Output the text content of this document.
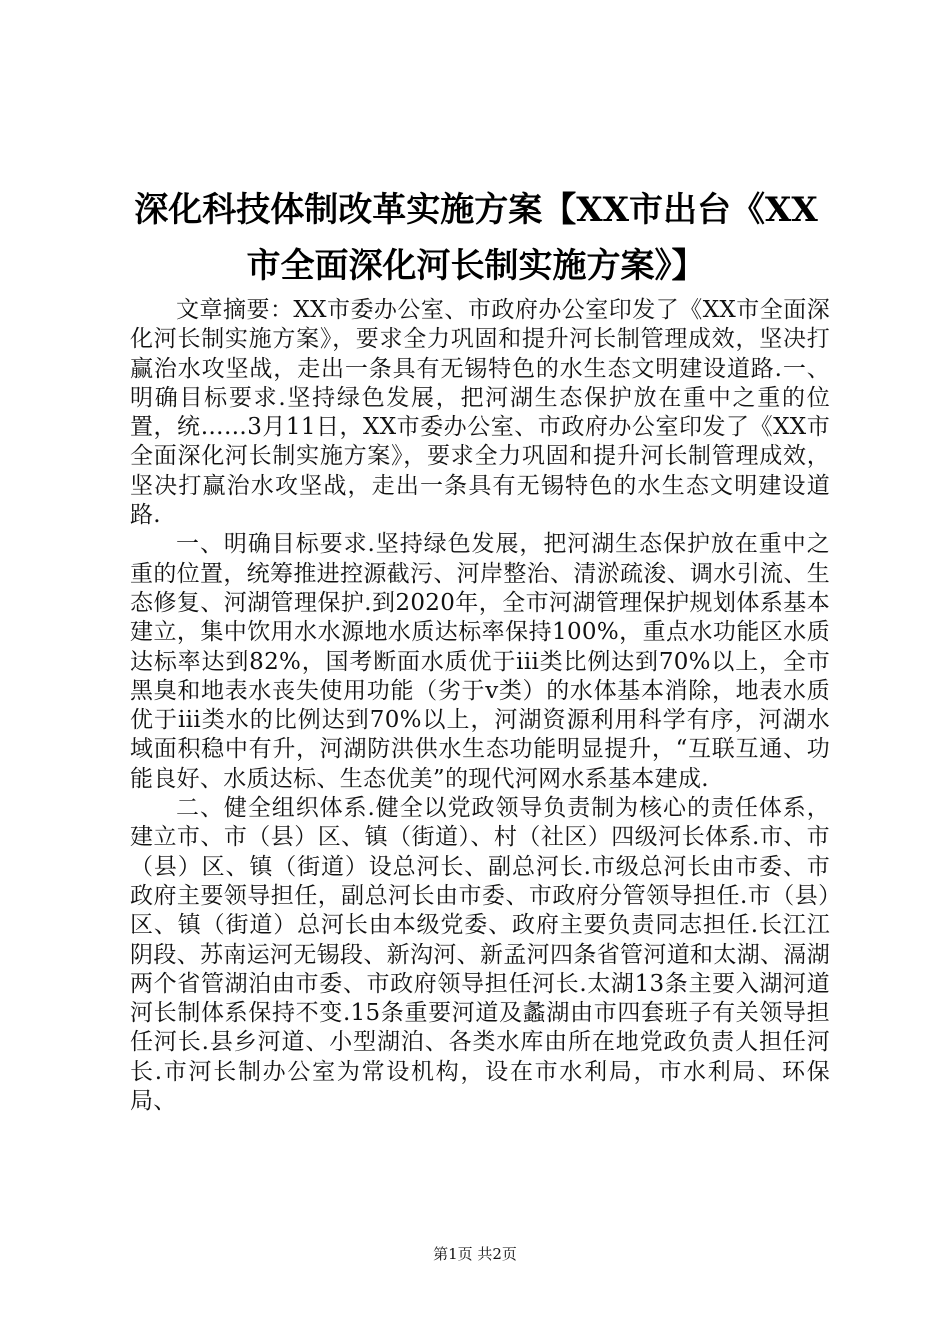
深化科技体制改革实施方案【XX市出台《XX市全面深化河长制实施方案》】

文章摘要：XX市委办公室、市政府办公室印发了《XX市全面深化河长制实施方案》，要求全力巩固和提升河长制管理成效，坚决打赢治水攻坚战，走出一条具有无锡特色的水生态文明建设道路.一、明确目标要求.坚持绿色发展，把河湖生态保护放在重中之重的位置，统……3月11日，XX市委办公室、市政府办公室印发了《XX市全面深化河长制实施方案》，要求全力巩固和提升河长制管理成效，坚决打赢治水攻坚战，走出一条具有无锡特色的水生态文明建设道路.

一、明确目标要求.坚持绿色发展，把河湖生态保护放在重中之重的位置，统筹推进控源截污、河岸整治、清淤疏浚、调水引流、生态修复、河湖管理保护.到2020年，全市河湖管理保护规划体系基本建立，集中饮用水水源地水质达标率保持100%，重点水功能区水质达标率达到82%，国考断面水质优于iii类比例达到70%以上，全市黑臭和地表水丧失使用功能（劣于v类）的水体基本消除，地表水质优于iii类水的比例达到70%以上，河湖资源利用科学有序，河湖水域面积稳中有升，河湖防洪供水生态功能明显提升，“互联互通、功能良好、水质达标、生态优美”的现代河网水系基本建成.

二、健全组织体系.健全以党政领导负责制为核心的责任体系，建立市、市（县）区、镇（街道）、村（社区）四级河长体系.市、市（县）区、镇（街道）设总河长、副总河长.市级总河长由市委、市政府主要领导担任，副总河长由市委、市政府分管领导担任.市（县）区、镇（街道）总河长由本级党委、政府主要负责同志担任.长江江阴段、苏南运河无锡段、新沟河、新孟河四条省管河道和太湖、滆湖两个省管湖泊由市委、市政府领导担任河长.太湖13条主要入湖河道河长制体系保持不变.15条重要河道及蠡湖由市四套班子有关领导担任河长.县乡河道、小型湖泊、各类水库由所在地党政负责人担任河长.市河长制办公室为常设机构，设在市水利局，市水利局、环保局、

第1页 共2页
